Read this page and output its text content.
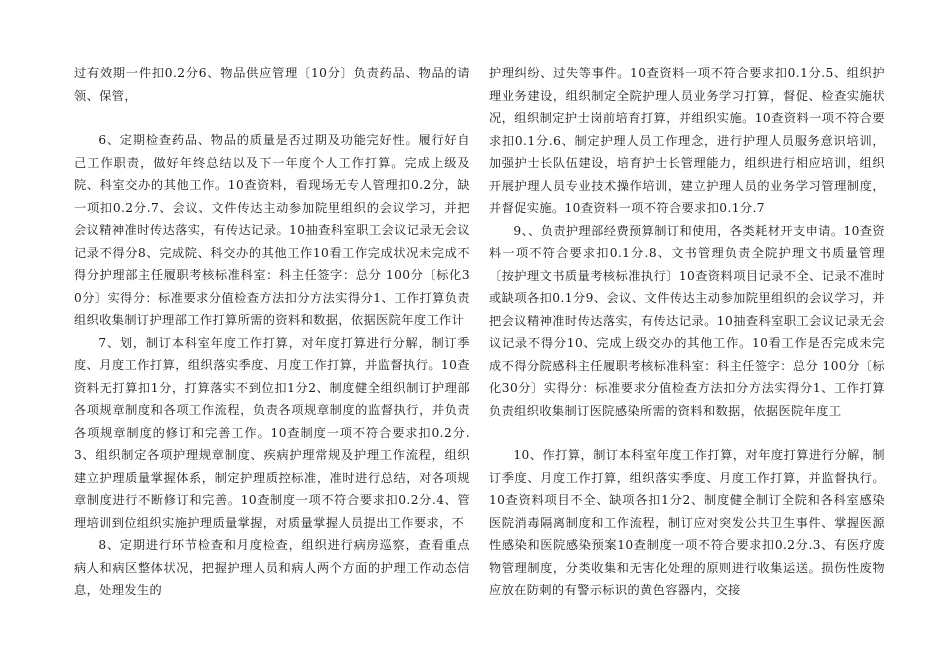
过有效期一件扣0.2分6、物品供应管理〔10分〕负责药品、物品的请领、保管，

6、定期检查药品、物品的质量是否过期及功能完好性。履行好自己工作职责，做好年终总结以及下一年度个人工作打算。完成上级及院、科室交办的其他工作。10查资料，看现场无专人管理扣0.2分，缺一项扣0.2分.7、会议、文件传达主动参加院里组织的会议学习，并把会议精神准时传达落实，有传达记录。10抽查科室职工会议记录无会议记录不得分8、完成院、科交办的其他工作10看工作完成状况未完成不得分护理部主任履职考核标准科室：科主任签字：总分 100分〔标化30分〕实得分：标准要求分值检查方法扣分方法实得分1、工作打算负责组织收集制订护理部工作打算所需的资料和数据，依据医院年度工作计

7、划，制订本科室年度工作打算，对年度打算进行分解，制订季度、月度工作打算，组织落实季度、月度工作打算，并监督执行。10查资料无打算扣1分，打算落实不到位扣1分2、制度健全组织制订护理部各项规章制度和各项工作流程，负责各项规章制度的监督执行，并负责各项规章制度的修订和完善工作。10查制度一项不符合要求扣0.2分.3、组织制定各项护理规章制度、疾病护理常规及护理工作流程，组织建立护理质量掌握体系，制定护理质控标准，准时进行总结，对各项规章制度进行不断修订和完善。10查制度一项不符合要求扣0.2分.4、管理培训到位组织实施护理质量掌握，对质量掌握人员提出工作要求，不

8、定期进行环节检查和月度检查，组织进行病房巡察，查看重点病人和病区整体状况，把握护理人员和病人两个方面的护理工作动态信息，处理发生的

护理纠纷、过失等事件。10查资料一项不符合要求扣0.1分.5、组织护理业务建设，组织制定全院护理人员业务学习打算，督促、检查实施状况，组织制定护士岗前培育打算，并组织实施。10查资料一项不符合要求扣0.1分.6、制定护理人员工作理念，进行护理人员服务意识培训，加强护士长队伍建设，培育护士长管理能力，组织进行相应培训，组织开展护理人员专业技术操作培训，建立护理人员的业务学习管理制度，并督促实施。10查资料一项不符合要求扣0.1分.7

9、、负责护理部经费预算制订和使用，各类耗材开支申请。10查资料一项不符合要求扣0.1分.8、文书管理负责全院护理文书质量管理〔按护理文书质量考核标准执行〕10查资料项目记录不全、记录不准时或缺项各扣0.1分9、会议、文件传达主动参加院里组织的会议学习，并把会议精神准时传达落实，有传达记录。10抽查科室职工会议记录无会议记录不得分10、完成上级交办的其他工作。10看工作是否完成未完成不得分院感科主任履职考核标准科室：科主任签字：总分 100分〔标化30分〕实得分：标准要求分值检查方法扣分方法实得分1、工作打算负责组织收集制订医院感染所需的资料和数据，依据医院年度工

10、作打算，制订本科室年度工作打算，对年度打算进行分解，制订季度、月度工作打算，组织落实季度、月度工作打算，并监督执行。10查资料项目不全、缺项各扣1分2、制度健全制订全院和各科室感染医院消毒隔离制度和工作流程，制订应对突发公共卫生事件、掌握医源性感染和医院感染预案10查制度一项不符合要求扣0.2分.3、有医疗废物管理制度，分类收集和无害化处理的原则进行收集运送。损伤性废物应放在防刺的有警示标识的黄色容器内，交接
